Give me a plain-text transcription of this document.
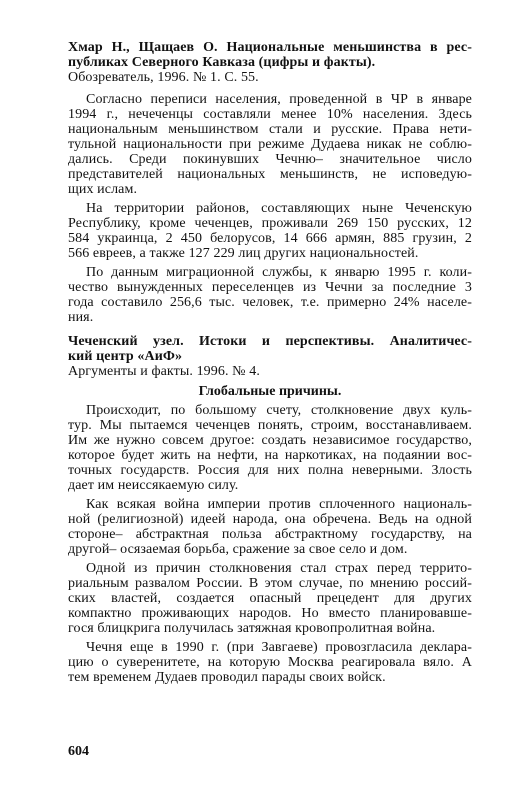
Хмар Н., Щащаев О. Национальные меньшинства в рес-
публиках Северного Кавказа (цифры и факты).
Обозреватель, 1996. № 1. С. 55.
Согласно переписи населения, проведенной в ЧР в январе
1994 г., нечеченцы составляли менее 10% населения. Здесь
национальным меньшинством стали и русские. Права нети-
тульной национальности при режиме Дудаева никак не соблю-
дались. Среди покинувших Чечню– значительное число
представителей национальных меньшинств, не исповедую-
щих ислам.
На территории районов, составляющих ныне Чеченскую
Республику, кроме чеченцев, проживали 269 150 русских, 12
584 украинца, 2 450 белорусов, 14 666 армян, 885 грузин, 2
566 евреев, а также 127 229 лиц других национальностей.
По данным миграционной службы, к январю 1995 г. коли-
чество вынужденных переселенцев из Чечни за последние 3
года составило 256,6 тыс. человек, т.е. примерно 24% населе-
ния.
Чеченский узел. Истоки и перспективы. Аналитичес-
кий центр «АиФ»
Аргументы и факты. 1996. № 4.
Глобальные причины.
Происходит, по большому счету, столкновение двух куль-
тур. Мы пытаемся чеченцев понять, строим, восстанавливаем.
Им же нужно совсем другое: создать независимое государство,
которое будет жить на нефти, на наркотиках, на подаянии вос-
точных государств. Россия для них полна неверными. Злость
дает им неиссякаемую силу.
Как всякая война империи против сплоченного националь-
ной (религиозной) идеей народа, она обречена. Ведь на одной
стороне– абстрактная польза абстрактному государству, на
другой– осязаемая борьба, сражение за свое село и дом.
Одной из причин столкновения стал страх перед террито-
риальным развалом России. В этом случае, по мнению россий-
ских властей, создается опасный прецедент для других
компактно проживающих народов. Но вместо планировавше-
гося блицкрига получилась затяжная кровопролитная война.
Чечня еще в 1990 г. (при Завгаеве) провозгласила деклара-
цию о суверенитете, на которую Москва реагировала вяло. А
тем временем Дудаев проводил парады своих войск.
604
